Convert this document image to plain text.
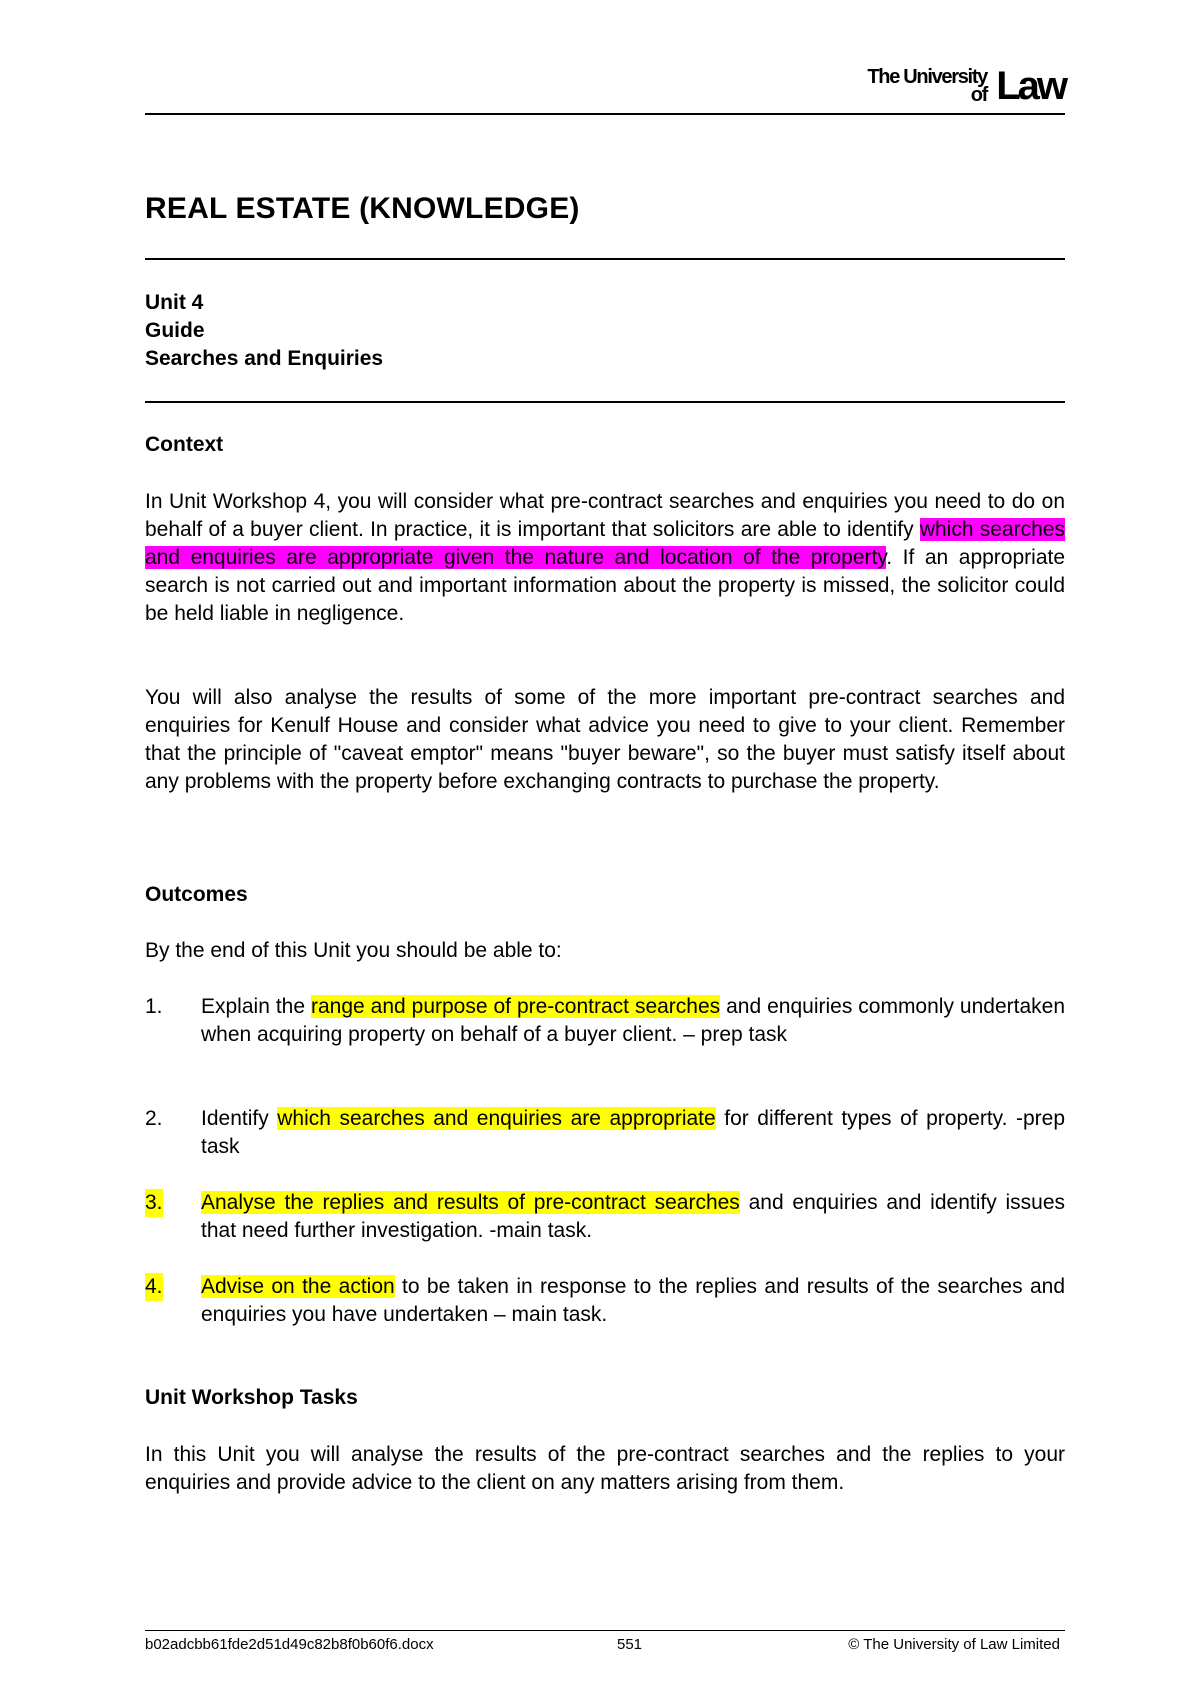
The University
of Law
REAL ESTATE (KNOWLEDGE)
Unit 4
Guide
Searches and Enquiries
Context

In Unit Workshop 4, you will consider what pre-contract searches and enquiries you need to do on behalf of a buyer client. In practice, it is important that solicitors are able to identify which searches and enquiries are appropriate given the nature and location of the property. If an appropriate search is not carried out and important information about the property is missed, the solicitor could be held liable in negligence.

You will also analyse the results of some of the more important pre-contract searches and enquiries for Kenulf House and consider what advice you need to give to your client. Remember that the principle of "caveat emptor" means "buyer beware", so the buyer must satisfy itself about any problems with the property before exchanging contracts to purchase the property.

Outcomes

By the end of this Unit you should be able to:

1. Explain the range and purpose of pre-contract searches and enquiries commonly undertaken when acquiring property on behalf of a buyer client. – prep task
2. Identify which searches and enquiries are appropriate for different types of property. -prep task
3. Analyse the replies and results of pre-contract searches and enquiries and identify issues that need further investigation. -main task.
4. Advise on the action to be taken in response to the replies and results of the searches and enquiries you have undertaken – main task.
Unit Workshop Tasks

In this Unit you will analyse the results of the pre-contract searches and the replies to your enquiries and provide advice to the client on any matters arising from them.

b02adcbb61fde2d51d49c82b8f0b60f6.docx	551	© The University of Law Limited
